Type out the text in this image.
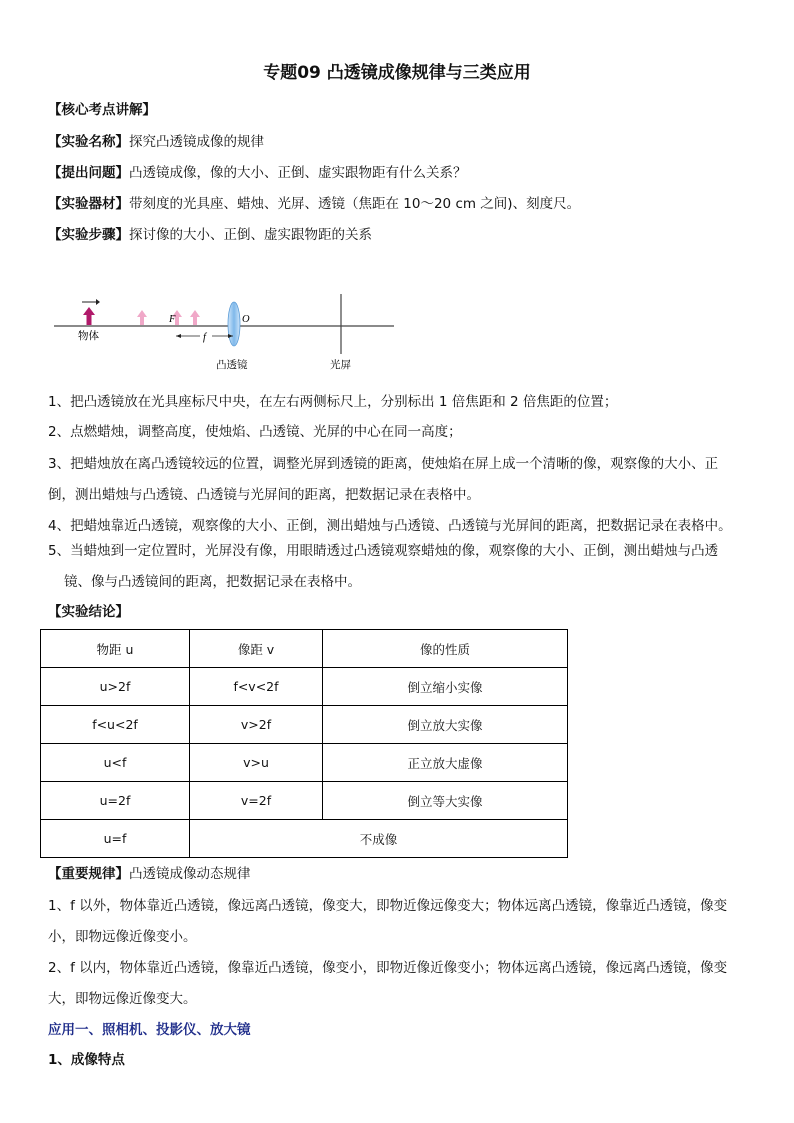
专题09 凸透镜成像规律与三类应用
【核心考点讲解】
【实验名称】探究凸透镜成像的规律
【提出问题】凸透镜成像，像的大小、正倒、虚实跟物距有什么关系？
【实验器材】带刻度的光具座、蜡烛、光屏、透镜（焦距在 10～20 cm 之间)、刻度尺。
【实验步骤】探讨像的大小、正倒、虚实跟物距的关系
F
f
O
物体
凸透镜	光屏
1、把凸透镜放在光具座标尺中央，在左右两侧标尺上，分别标出 1 倍焦距和 2 倍焦距的位置；
2、点燃蜡烛，调整高度，使烛焰、凸透镜、光屏的中心在同一高度；
3、把蜡烛放在离凸透镜较远的位置，调整光屏到透镜的距离，使烛焰在屏上成一个清晰的像，观察像的大小、正
倒，测出蜡烛与凸透镜、凸透镜与光屏间的距离，把数据记录在表格中。
4、把蜡烛靠近凸透镜，观察像的大小、正倒，测出蜡烛与凸透镜、凸透镜与光屏间的距离，把数据记录在表格中。
5、当蜡烛到一定位置时，光屏没有像，用眼睛透过凸透镜观察蜡烛的像，观察像的大小、正倒，测出蜡烛与凸透
镜、像与凸透镜间的距离，把数据记录在表格中。
【实验结论】
物距 u	像距 v	像的性质
u>2f	f<v<2f	倒立缩小实像
f<u<2f	v>2f	倒立放大实像
u<f	v>u	正立放大虚像
u=2f	v=2f	倒立等大实像
u=f	不成像	
【重要规律】凸透镜成像动态规律
1、f 以外，物体靠近凸透镜，像远离凸透镜，像变大，即物近像远像变大；物体远离凸透镜，像靠近凸透镜，像变
小，即物远像近像变小。
2、f 以内，物体靠近凸透镜，像靠近凸透镜，像变小，即物近像近像变小；物体远离凸透镜，像远离凸透镜，像变
大，即物远像近像变大。
应用一、照相机、投影仪、放大镜
1、成像特点
